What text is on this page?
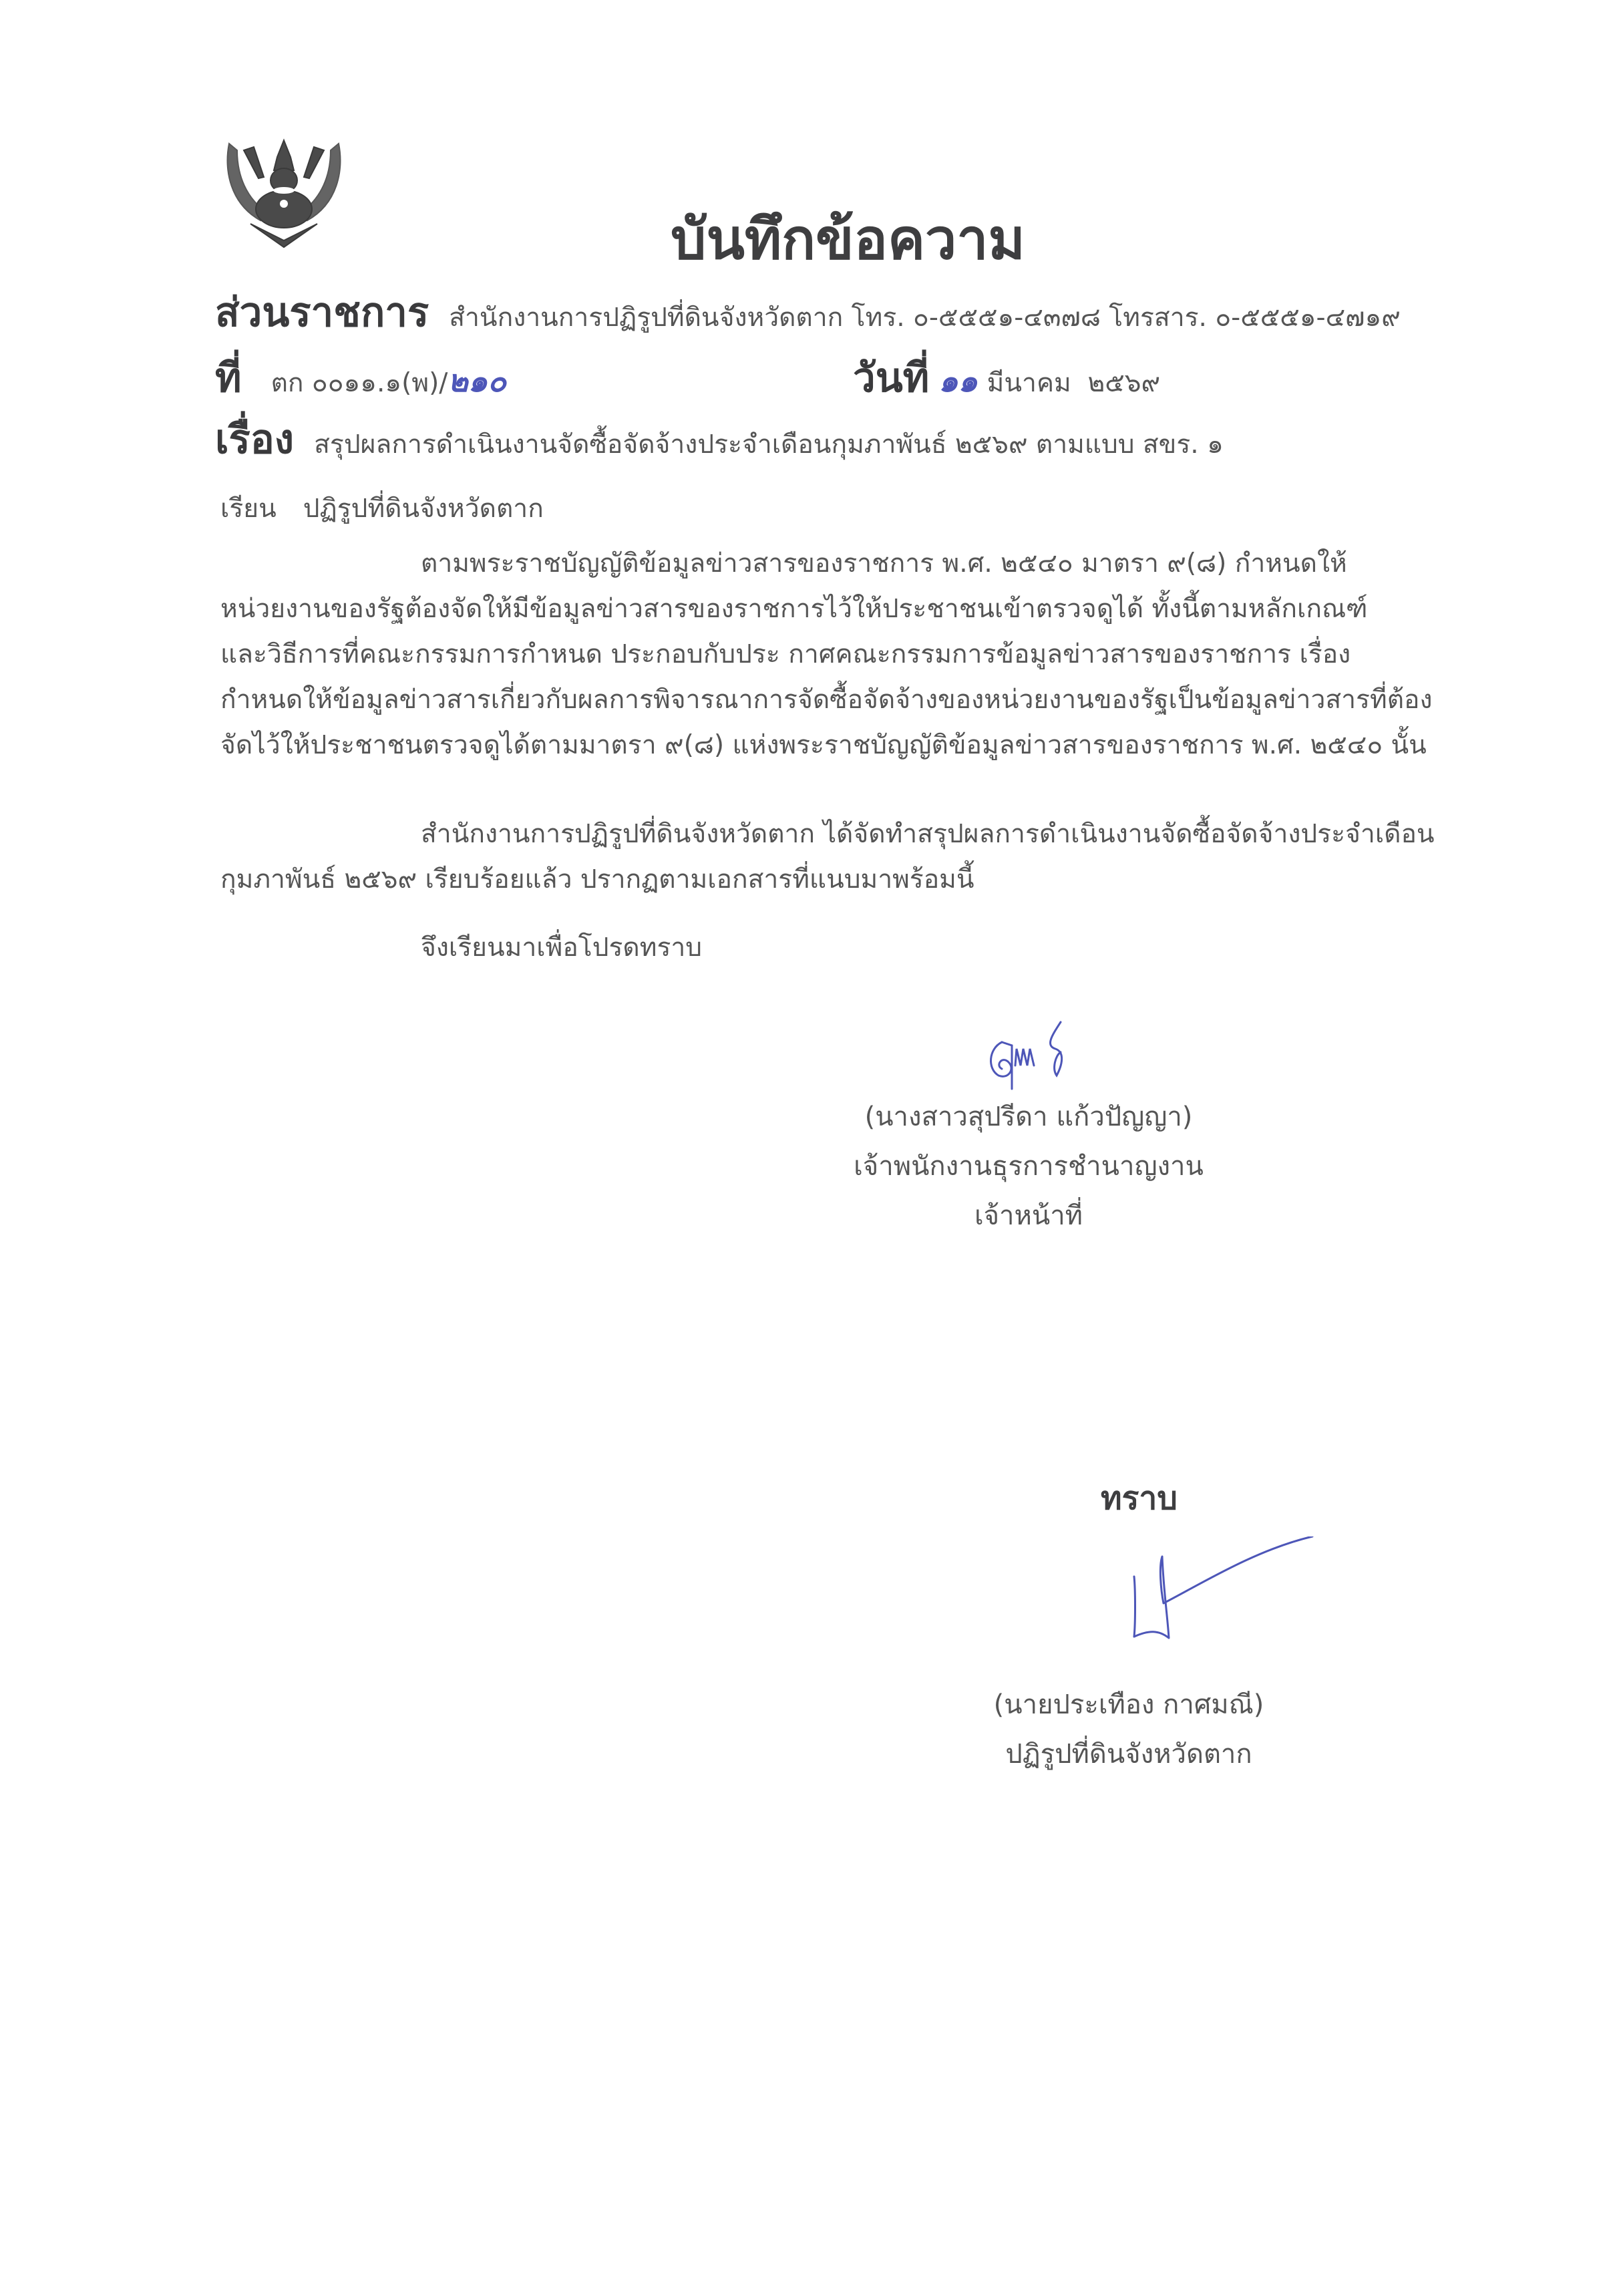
บันทึกข้อความ
ส่วนราชการ สำนักงานการปฏิรูปที่ดินจังหวัดตาก โทร. ๐-๕๕๕๑-๔๓๗๘ โทรสาร. ๐-๕๕๕๑-๔๗๑๙
ที่ ตก ๐๐๑๑.๑(พ)/๒๑๐	วันที่ ๑๑ มีนาคม  ๒๕๖๙
เรื่อง สรุปผลการดำเนินงานจัดซื้อจัดจ้างประจำเดือนกุมภาพันธ์ ๒๕๖๙ ตามแบบ สขร. ๑
เรียน ปฏิรูปที่ดินจังหวัดตาก
ตามพระราชบัญญัติข้อมูลข่าวสารของราชการ พ.ศ. ๒๕๔๐ มาตรา ๙(๘) กำหนดให้
หน่วยงานของรัฐต้องจัดให้มีข้อมูลข่าวสารของราชการไว้ให้ประชาชนเข้าตรวจดูได้ ทั้งนี้ตามหลักเกณฑ์
และวิธีการที่คณะกรรมการกำหนด ประกอบกับประ กาศคณะกรรมการข้อมูลข่าวสารของราชการ เรื่อง
กำหนดให้ข้อมูลข่าวสารเกี่ยวกับผลการพิจารณาการจัดซื้อจัดจ้างของหน่วยงานของรัฐเป็นข้อมูลข่าวสารที่ต้อง
จัดไว้ให้ประชาชนตรวจดูได้ตามมาตรา ๙(๘) แห่งพระราชบัญญัติข้อมูลข่าวสารของราชการ พ.ศ. ๒๕๔๐ นั้น
สำนักงานการปฏิรูปที่ดินจังหวัดตาก ได้จัดทำสรุปผลการดำเนินงานจัดซื้อจัดจ้างประจำเดือน
กุมภาพันธ์ ๒๕๖๙ เรียบร้อยแล้ว ปรากฏตามเอกสารที่แนบมาพร้อมนี้
จึงเรียนมาเพื่อโปรดทราบ
(นางสาวสุปรีดา แก้วปัญญา)
เจ้าพนักงานธุรการชำนาญงาน
เจ้าหน้าที่
ทราบ
(นายประเทือง กาศมณี)
ปฏิรูปที่ดินจังหวัดตาก
